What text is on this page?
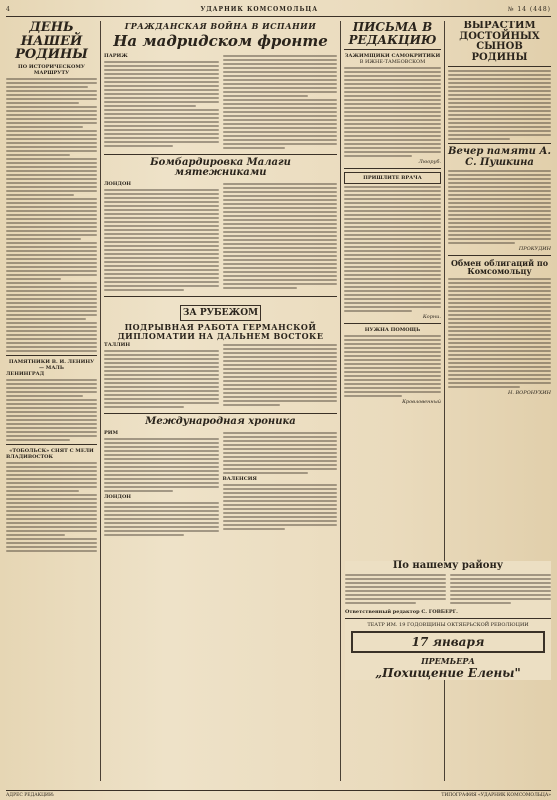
4	УДАРНИК КОМСОМОЛЬЦА	№ 14 (448)
ДЕНЬ НАШЕЙ РОДИНЫ
ПО ИСТОРИЧЕСКОМУ МАРШРУТУ
ПАМЯТНИКИ В. И. ЛЕНИНУ
— МАЛЬ
ЛЕНИНГРАД
«ТОБОЛЬСК» СНЯТ С МЕЛИ
ВЛАДИВОСТОК
ГРАЖДАНСКАЯ ВОЙНА В ИСПАНИИ
На мадридском фронте
ПАРИЖ
Бомбардировка Малаги мятежниками
ЛОНДОН
ЗА РУБЕЖОМ
ПОДРЫВНАЯ РАБОТА ГЕРМАНСКОЙ ДИПЛОМАТИИ НА ДАЛЬНЕМ ВОСТОКЕ
ТАЛЛИН
Международная хроника
РИМ
ЛОНДОН
ВАЛЕНСИЯ
ПИСЬМА В РЕДАКЦИЮ
ЗАЖИМЩИКИ САМОКРИТИКИ
В ИЖНЕ-ТАМБОВСКОМ
Люоруб.
ПРИШЛИТЕ ВРАЧА
Корни.
НУЖНА ПОМОЩЬ
Кровловенный
ВЫРАСТИМ ДОСТОЙНЫХ СЫНОВ РОДИНЫ
Вечер памяти А. С. Пушкина
ПРОКУДИН
Обмен облигаций по Комсомольцу
Н. ВОРОНУХИН
По нашему району
Ответственный редактор С. ГОВБЕРГ.
ТЕАТР ИМ. 19 ГОДОВЩИНЫ ОКТЯБРЬСКОЙ РЕВОЛЮЦИИ
17 января
ПРЕМЬЕРА
„Похищение Елены"
АДРЕС РЕДАКЦИИ:	ТИПОГРАФИЯ «УДАРНИК КОМСОМОЛЬЦА»
